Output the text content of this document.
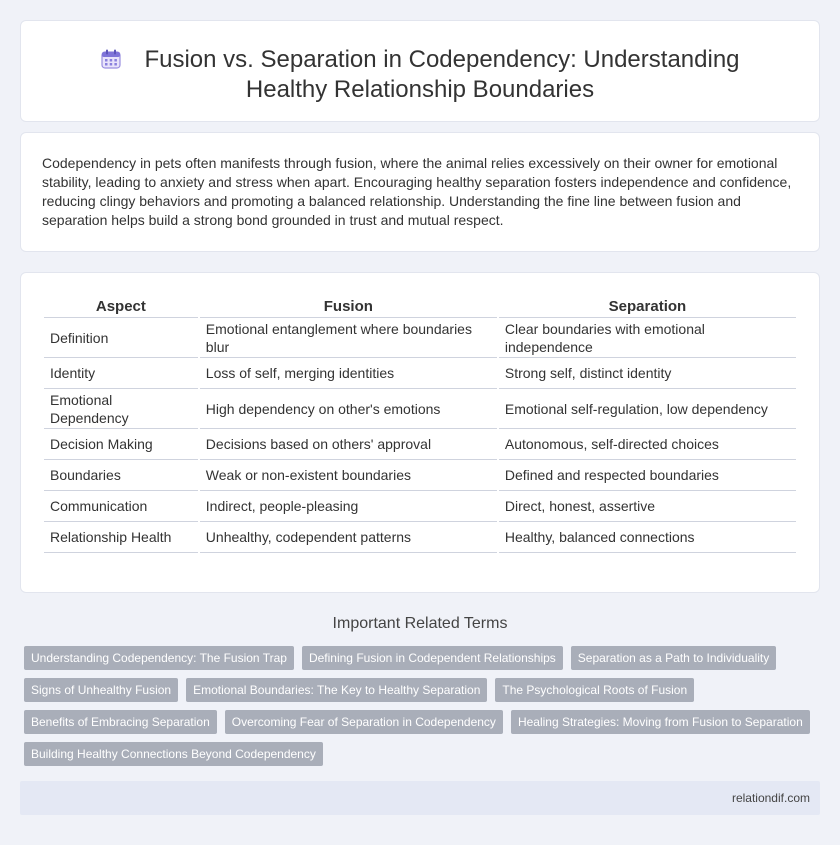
Fusion vs. Separation in Codependency: Understanding Healthy Relationship Boundaries

Codependency in pets often manifests through fusion, where the animal relies excessively on their owner for emotional stability, leading to anxiety and stress when apart. Encouraging healthy separation fosters independence and confidence, reducing clingy behaviors and promoting a balanced relationship. Understanding the fine line between fusion and separation helps build a strong bond grounded in trust and mutual respect.

Aspect	Fusion	Separation
Definition	Emotional entanglement where boundaries blur	Clear boundaries with emotional independence
Identity	Loss of self, merging identities	Strong self, distinct identity
Emotional Dependency	High dependency on other's emotions	Emotional self-regulation, low dependency
Decision Making	Decisions based on others' approval	Autonomous, self-directed choices
Boundaries	Weak or non-existent boundaries	Defined and respected boundaries
Communication	Indirect, people-pleasing	Direct, honest, assertive
Relationship Health	Unhealthy, codependent patterns	Healthy, balanced connections
Important Related Terms
Understanding Codependency: The Fusion Trap Defining Fusion in Codependent Relationships Separation as a Path to Individuality
Signs of Unhealthy Fusion Emotional Boundaries: The Key to Healthy Separation The Psychological Roots of Fusion
Benefits of Embracing Separation Overcoming Fear of Separation in Codependency Healing Strategies: Moving from Fusion to Separation
Building Healthy Connections Beyond Codependency
relationdif.com
